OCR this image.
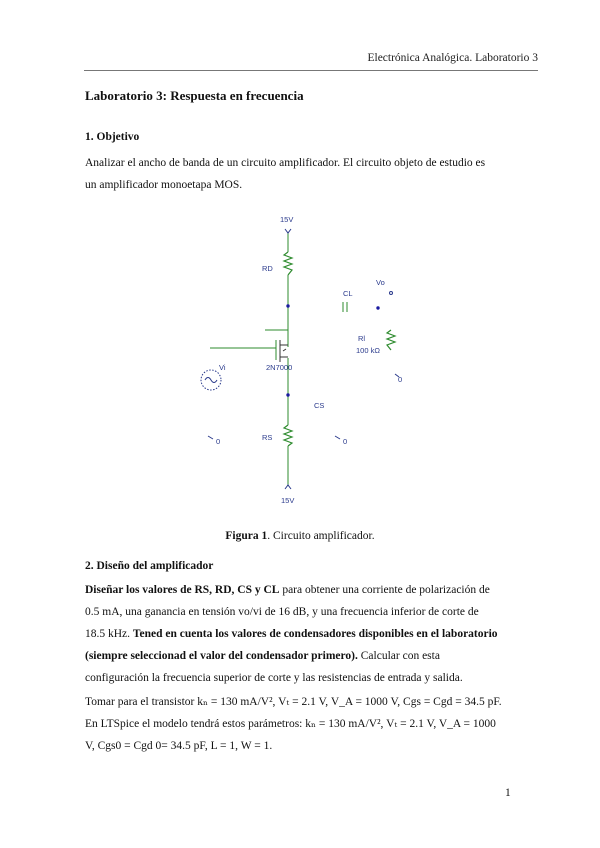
Electrónica Analógica. Laboratorio 3
Laboratorio 3: Respuesta en frecuencia
1. Objetivo
Analizar el ancho de banda de un circuito amplificador. El circuito objeto de estudio es
un amplificador monoetapa MOS.
15V
RD
CL
Vo
Rl
100 kΩ
Vi	2N7000
CS
RS
15V
0	0
0
Figura 1. Circuito amplificador.
2. Diseño del amplificador
Diseñar los valores de RS, RD, CS y CL para obtener una corriente de polarización de
0.5 mA, una ganancia en tensión vo/vi de 16 dB, y una frecuencia inferior de corte de
18.5 kHz. Tened en cuenta los valores de condensadores disponibles en el laboratorio
(siempre seleccionad el valor del condensador primero). Calcular con esta
configuración la frecuencia superior de corte y las resistencias de entrada y salida.
Tomar para el transistor kₙ = 130 mA/V², Vₜ = 2.1 V, V_A = 1000 V, Cgs = Cgd = 34.5 pF.
En LTSpice el modelo tendrá estos parámetros: kₙ = 130 mA/V², Vₜ = 2.1 V, V_A = 1000
V, Cgs0 = Cgd 0= 34.5 pF, L = 1, W = 1.
1
